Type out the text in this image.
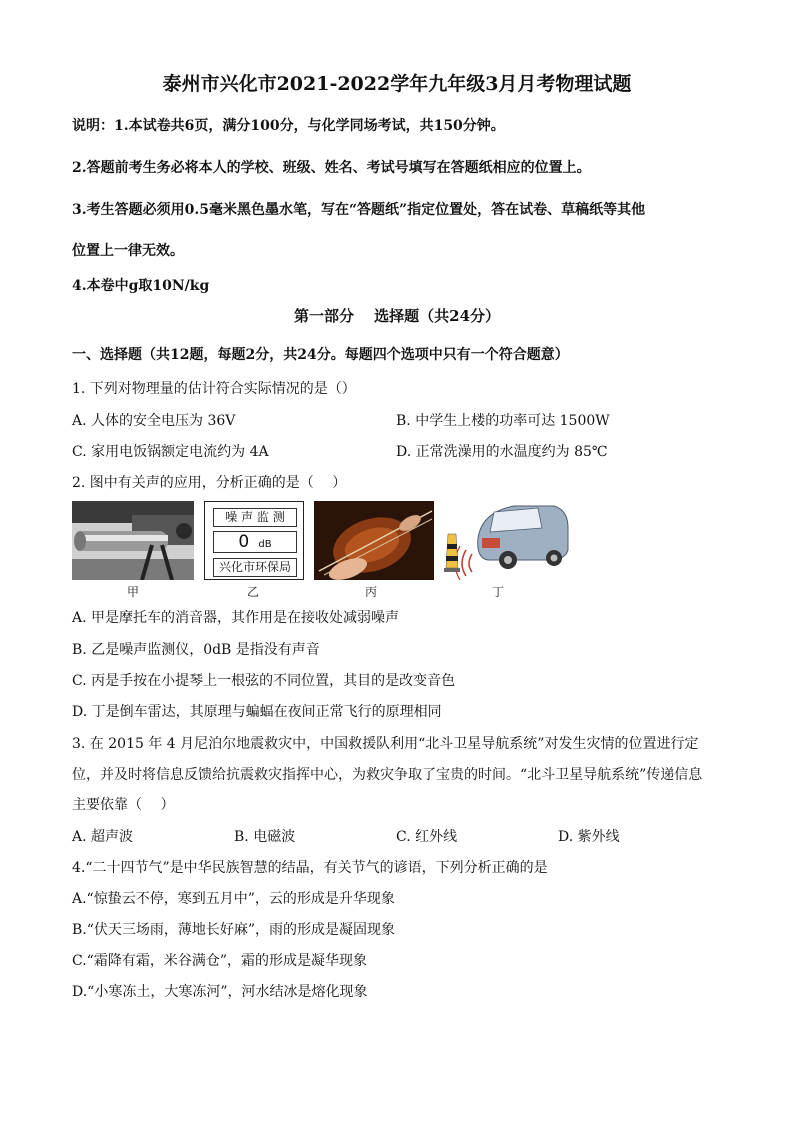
泰州市兴化市2021-2022学年九年级3月月考物理试题
说明：1.本试卷共6页，满分100分，与化学同场考试，共150分钟。
2.答题前考生务必将本人的学校、班级、姓名、考试号填写在答题纸相应的位置上。
3.考生答题必须用0.5毫米黑色墨水笔，写在“答题纸”指定位置处，答在试卷、草稿纸等其他
位置上一律无效。
4.本卷中g取10N/kg
第一部分　 选择题（共24分）
一、选择题（共12题，每题2分，共24分。每题四个选项中只有一个符合题意）
1. 下列对物理量的估计符合实际情况的是（）
A. 人体的安全电压为 36V	B. 中学生上楼的功率可达 1500W
C. 家用电饭锅额定电流约为 4A	D. 正常洗澡用的水温度约为 85℃
2. 图中有关声的应用，分析正确的是（　 ）
甲
噪 声 监 测
0 dB
兴化市环保局
乙	丙	丁
A. 甲是摩托车的消音器，其作用是在接收处减弱噪声
B. 乙是噪声监测仪，0dB 是指没有声音
C. 丙是手按在小提琴上一根弦的不同位置，其目的是改变音色
D. 丁是倒车雷达，其原理与蝙蝠在夜间正常飞行的原理相同
3. 在 2015 年 4 月尼泊尔地震救灾中，中国救援队利用“北斗卫星导航系统”对发生灾情的位置进行定
位，并及时将信息反馈给抗震救灾指挥中心，为救灾争取了宝贵的时间。“北斗卫星导航系统”传递信息
主要依靠（　 ）
A. 超声波	B. 电磁波	C. 红外线	D. 紫外线
4.“二十四节气”是中华民族智慧的结晶，有关节气的谚语，下列分析正确的是
A.“惊蛰云不停，寒到五月中”，云的形成是升华现象
B.“伏天三场雨，薄地长好麻”，雨的形成是凝固现象
C.“霜降有霜，米谷满仓”，霜的形成是凝华现象
D.“小寒冻土，大寒冻河”，河水结冰是熔化现象
